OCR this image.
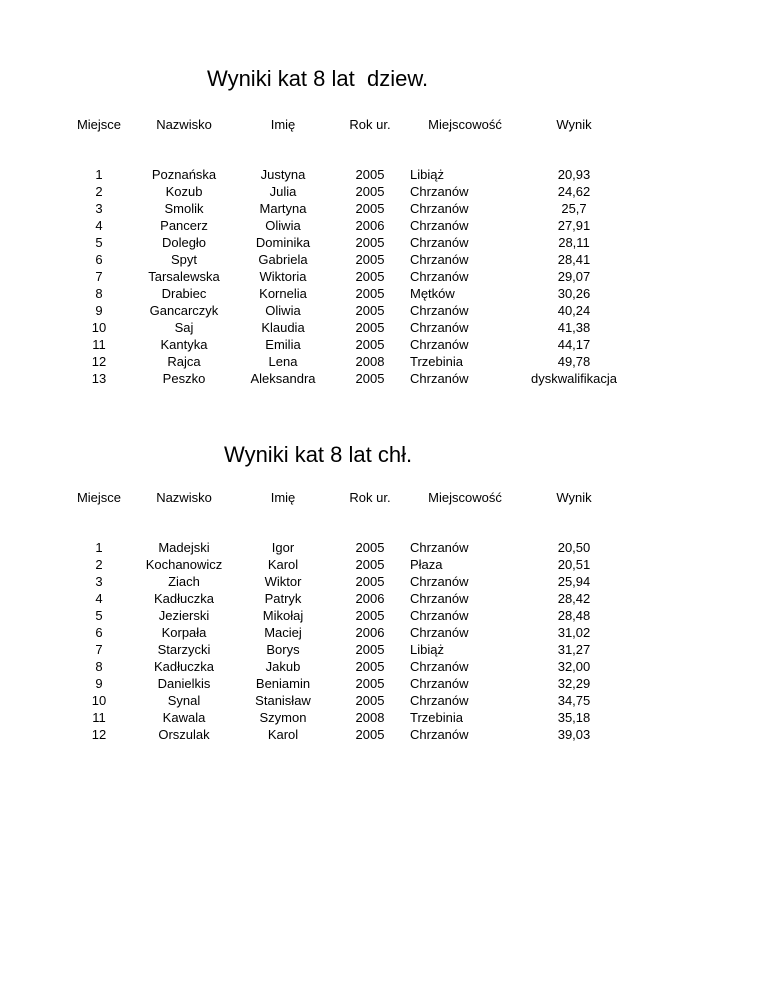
Wyniki kat 8 lat  dziew.
Miejsce	Nazwisko	Imię	Rok ur.	Miejscowość	Wynik
1	Poznańska	Justyna	2005 Libiąż	20,93
2	Kozub	Julia	2005 Chrzanów	24,62
3	Smolik	Martyna	2005 Chrzanów	25,7
4	Pancerz	Oliwia	2006 Chrzanów	27,91
5	Doległo	Dominika	2005 Chrzanów	28,11
6	Spyt	Gabriela	2005 Chrzanów	28,41
7	Tarsalewska	Wiktoria	2005 Chrzanów	29,07
8	Drabiec	Kornelia	2005 Mętków	30,26
9	Gancarczyk	Oliwia	2005 Chrzanów	40,24
10	Saj	Klaudia	2005 Chrzanów	41,38
11	Kantyka	Emilia	2005 Chrzanów	44,17
12	Rajca	Lena	2008 Trzebinia	49,78
13	Peszko	Aleksandra	2005 Chrzanów	dyskwalifikacja
Wyniki kat 8 lat chł.
Miejsce	Nazwisko	Imię	Rok ur.	Miejscowość	Wynik
1	Madejski	Igor	2005 Chrzanów	20,50
2	Kochanowicz	Karol	2005 Płaza	20,51
3	Ziach	Wiktor	2005 Chrzanów	25,94
4	Kadłuczka	Patryk	2006 Chrzanów	28,42
5	Jezierski	Mikołaj	2005 Chrzanów	28,48
6	Korpała	Maciej	2006 Chrzanów	31,02
7	Starzycki	Borys	2005 Libiąż	31,27
8	Kadłuczka	Jakub	2005 Chrzanów	32,00
9	Danielkis	Beniamin	2005 Chrzanów	32,29
10	Synal	Stanisław	2005 Chrzanów	34,75
11	Kawala	Szymon	2008 Trzebinia	35,18
12	Orszulak	Karol	2005 Chrzanów	39,03
